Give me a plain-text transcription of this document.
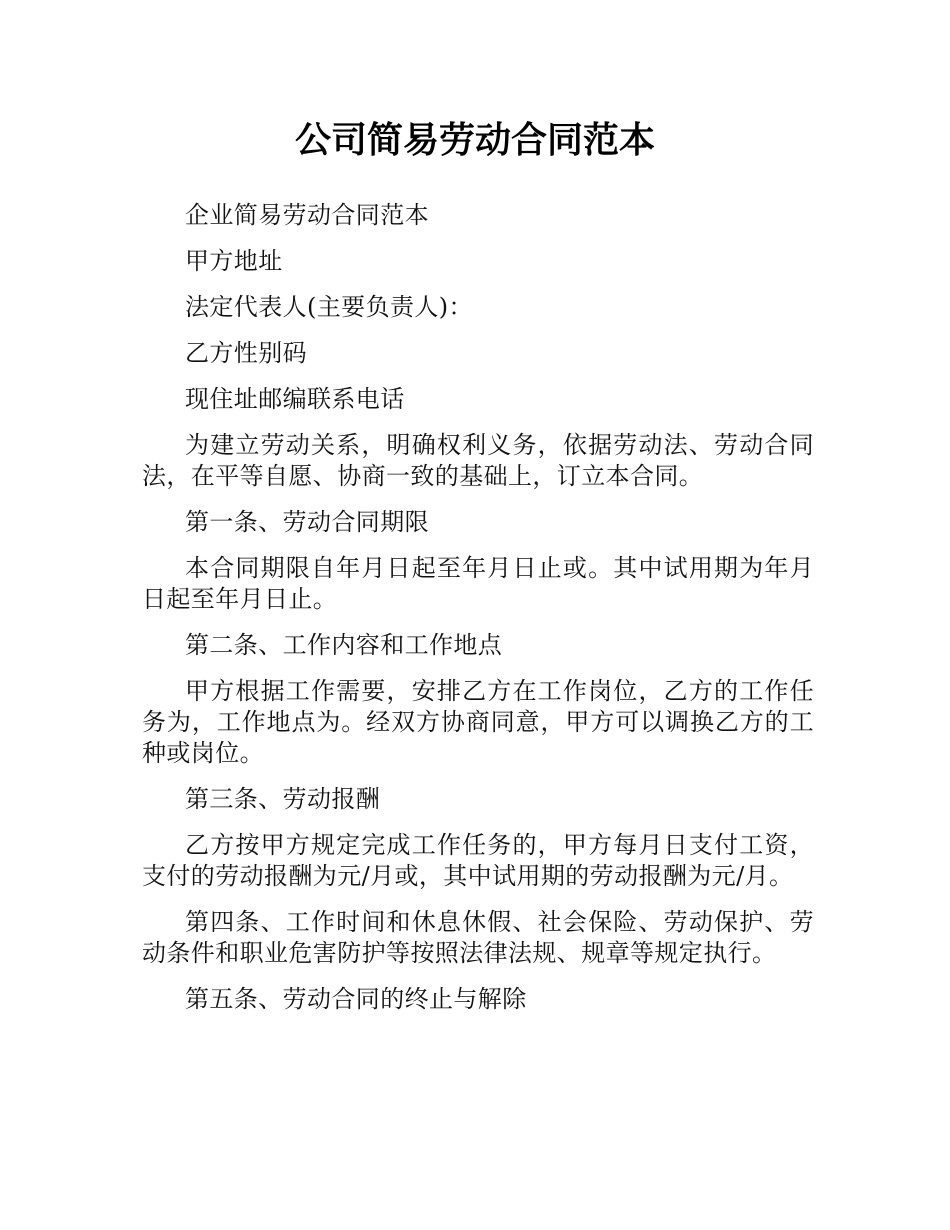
公司简易劳动合同范本

企业简易劳动合同范本

甲方地址

法定代表人(主要负责人)：

乙方性别码

现住址邮编联系电话

为建立劳动关系，明确权利义务，依据劳动法、劳动合同法，在平等自愿、协商一致的基础上，订立本合同。

第一条、劳动合同期限

本合同期限自年月日起至年月日止或。其中试用期为年月日起至年月日止。

第二条、工作内容和工作地点

甲方根据工作需要，安排乙方在工作岗位，乙方的工作任务为，工作地点为。经双方协商同意，甲方可以调换乙方的工种或岗位。

第三条、劳动报酬

乙方按甲方规定完成工作任务的，甲方每月日支付工资，支付的劳动报酬为元/月或，其中试用期的劳动报酬为元/月。

第四条、工作时间和休息休假、社会保险、劳动保护、劳动条件和职业危害防护等按照法律法规、规章等规定执行。

第五条、劳动合同的终止与解除
